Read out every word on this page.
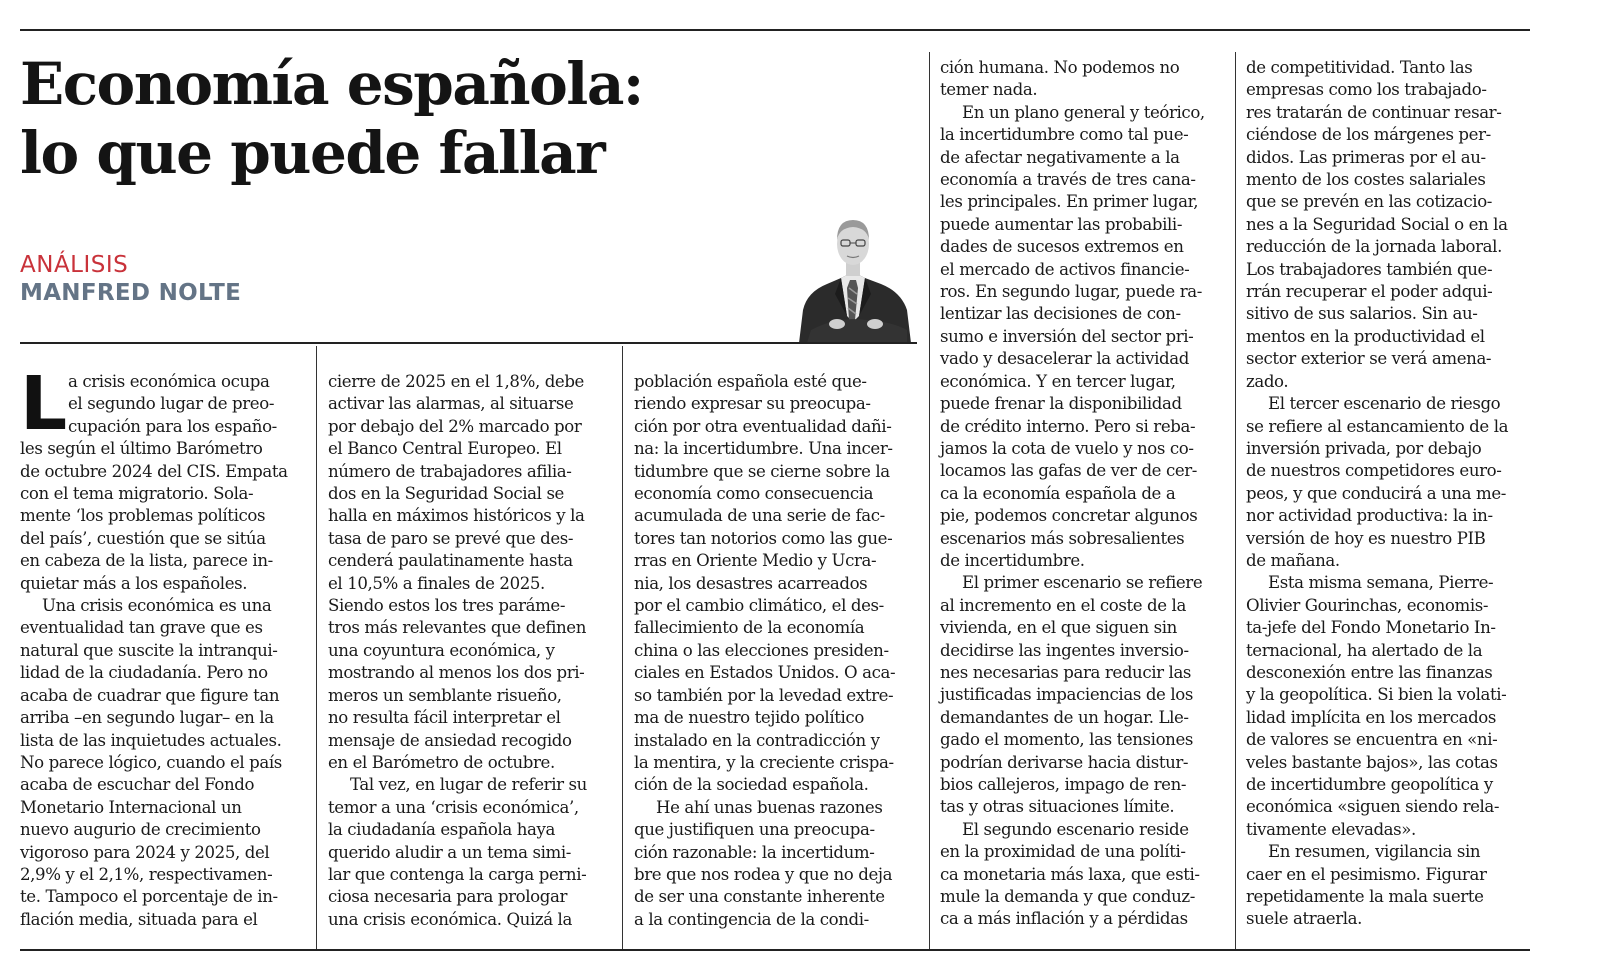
Economía española:
lo que puede fallar
ANÁLISIS
MANFRED NOLTE
L a crisis económica ocupa
el segundo lugar de preo-
cupación para los españo-
les según el último Barómetro
de octubre 2024 del CIS. Empata
con el tema migratorio. Sola-
mente ‘los problemas políticos
del país’, cuestión que se sitúa
en cabeza de la lista, parece in-
quietar más a los españoles.
Una crisis económica es una
eventualidad tan grave que es
natural que suscite la intranqui-
lidad de la ciudadanía. Pero no
acaba de cuadrar que figure tan
arriba –en segundo lugar– en la
lista de las inquietudes actuales.
No parece lógico, cuando el país
acaba de escuchar del Fondo
Monetario Internacional un
nuevo augurio de crecimiento
vigoroso para 2024 y 2025, del
2,9% y el 2,1%, respectivamen-
te. Tampoco el porcentaje de in-
flación media, situada para el
cierre de 2025 en el 1,8%, debe
activar las alarmas, al situarse
por debajo del 2% marcado por
el Banco Central Europeo. El
número de trabajadores afilia-
dos en la Seguridad Social se
halla en máximos históricos y la
tasa de paro se prevé que des-
cenderá paulatinamente hasta
el 10,5% a finales de 2025.
Siendo estos los tres paráme-
tros más relevantes que definen
una coyuntura económica, y
mostrando al menos los dos pri-
meros un semblante risueño,
no resulta fácil interpretar el
mensaje de ansiedad recogido
en el Barómetro de octubre.
Tal vez, en lugar de referir su
temor a una ‘crisis económica’,
la ciudadanía española haya
querido aludir a un tema simi-
lar que contenga la carga perni-
ciosa necesaria para prologar
una crisis económica. Quizá la
población española esté que-
riendo expresar su preocupa-
ción por otra eventualidad dañi-
na: la incertidumbre. Una incer-
tidumbre que se cierne sobre la
economía como consecuencia
acumulada de una serie de fac-
tores tan notorios como las gue-
rras en Oriente Medio y Ucra-
nia, los desastres acarreados
por el cambio climático, el des-
fallecimiento de la economía
china o las elecciones presiden-
ciales en Estados Unidos. O aca-
so también por la levedad extre-
ma de nuestro tejido político
instalado en la contradicción y
la mentira, y la creciente crispa-
ción de la sociedad española.
He ahí unas buenas razones
que justifiquen una preocupa-
ción razonable: la incertidum-
bre que nos rodea y que no deja
de ser una constante inherente
a la contingencia de la condi-
ción humana. No podemos no
temer nada.
En un plano general y teórico,
la incertidumbre como tal pue-
de afectar negativamente a la
economía a través de tres cana-
les principales. En primer lugar,
puede aumentar las probabili-
dades de sucesos extremos en
el mercado de activos financie-
ros. En segundo lugar, puede ra-
lentizar las decisiones de con-
sumo e inversión del sector pri-
vado y desacelerar la actividad
económica. Y en tercer lugar,
puede frenar la disponibilidad
de crédito interno. Pero si reba-
jamos la cota de vuelo y nos co-
locamos las gafas de ver de cer-
ca la economía española de a
pie, podemos concretar algunos
escenarios más sobresalientes
de incertidumbre.
El primer escenario se refiere
al incremento en el coste de la
vivienda, en el que siguen sin
decidirse las ingentes inversio-
nes necesarias para reducir las
justificadas impaciencias de los
demandantes de un hogar. Lle-
gado el momento, las tensiones
podrían derivarse hacia distur-
bios callejeros, impago de ren-
tas y otras situaciones límite.
El segundo escenario reside
en la proximidad de una políti-
ca monetaria más laxa, que esti-
mule la demanda y que conduz-
ca a más inflación y a pérdidas
de competitividad. Tanto las
empresas como los trabajado-
res tratarán de continuar resar-
ciéndose de los márgenes per-
didos. Las primeras por el au-
mento de los costes salariales
que se prevén en las cotizacio-
nes a la Seguridad Social o en la
reducción de la jornada laboral.
Los trabajadores también que-
rrán recuperar el poder adqui-
sitivo de sus salarios. Sin au-
mentos en la productividad el
sector exterior se verá amena-
zado.
El tercer escenario de riesgo
se refiere al estancamiento de la
inversión privada, por debajo
de nuestros competidores euro-
peos, y que conducirá a una me-
nor actividad productiva: la in-
versión de hoy es nuestro PIB
de mañana.
Esta misma semana, Pierre-
Olivier Gourinchas, economis-
ta-jefe del Fondo Monetario In-
ternacional, ha alertado de la
desconexión entre las finanzas
y la geopolítica. Si bien la volati-
lidad implícita en los mercados
de valores se encuentra en «ni-
veles bastante bajos», las cotas
de incertidumbre geopolítica y
económica «siguen siendo rela-
tivamente elevadas».
En resumen, vigilancia sin
caer en el pesimismo. Figurar
repetidamente la mala suerte
suele atraerla.
